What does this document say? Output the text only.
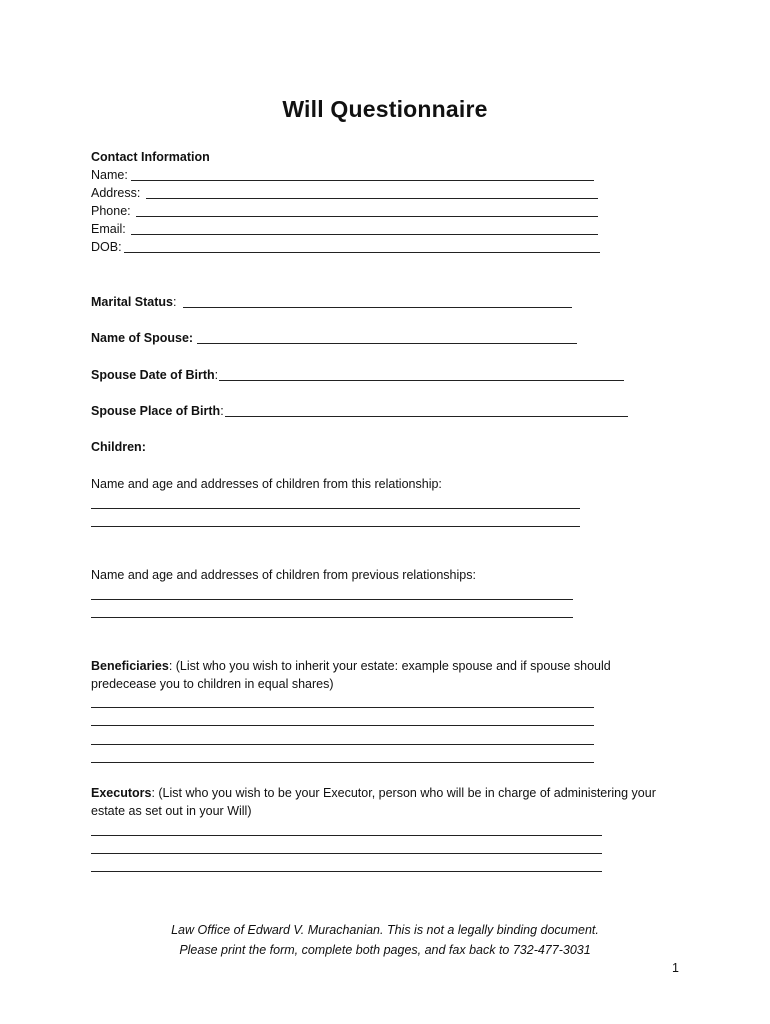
Will Questionnaire
Contact Information
Name:
Address:
Phone:
Email:
DOB:
Marital Status:
Name of Spouse:
Spouse Date of Birth:
Spouse Place of Birth:
Children:
Name and age and addresses of children from this relationship:
Name and age and addresses of children from previous relationships:
Beneficiaries: (List who you wish to inherit your estate: example spouse and if spouse should predecease you to children in equal shares)
Executors: (List who you wish to be your Executor, person who will be in charge of administering your estate as set out in your Will)
Law Office of Edward V. Murachanian. This is not a legally binding document.
Please print the form, complete both pages, and fax back to 732-477-3031
1
